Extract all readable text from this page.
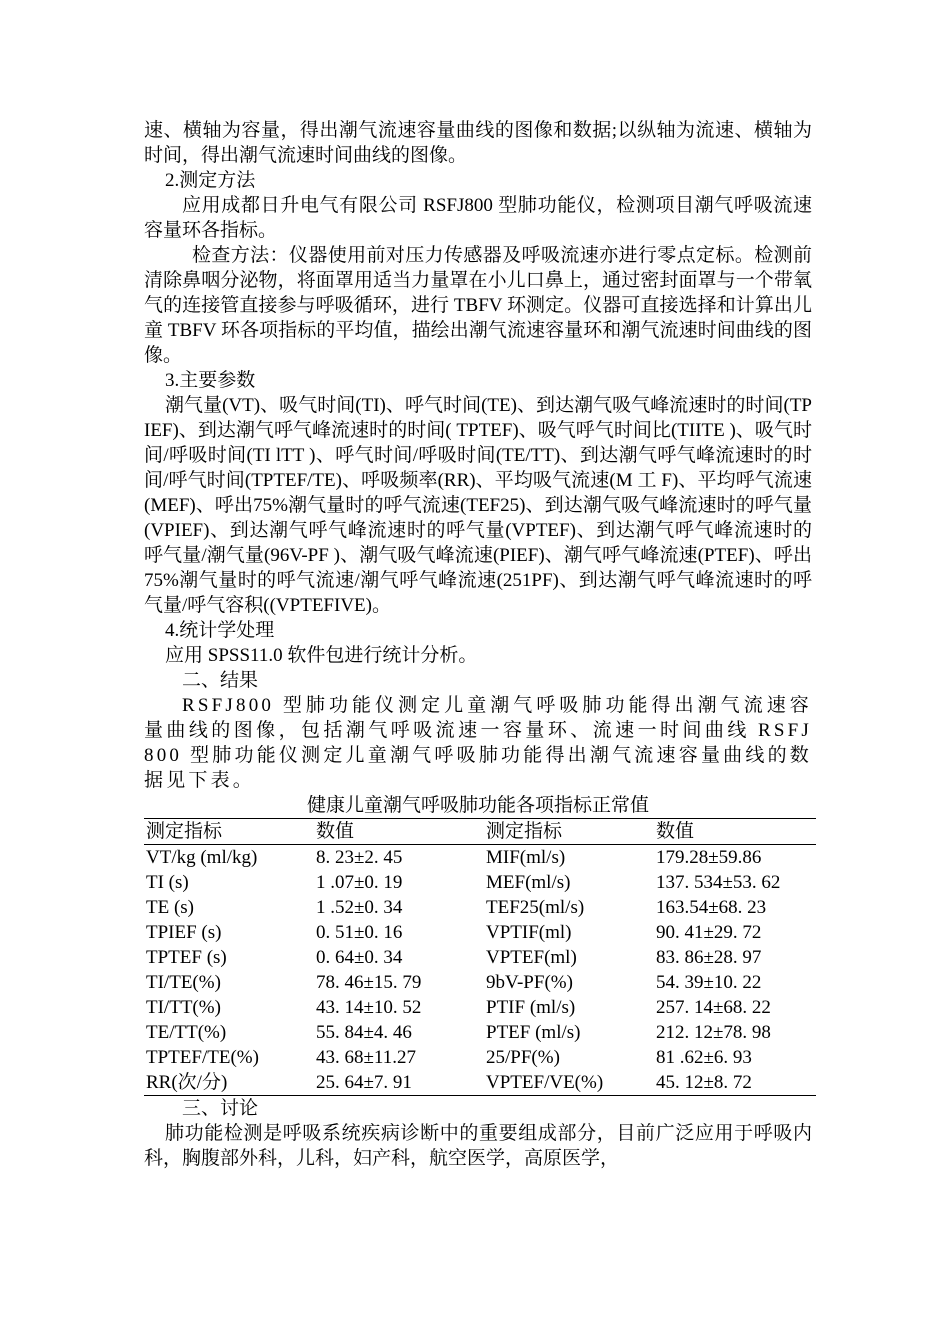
速、横轴为容量，得出潮气流速容量曲线的图像和数据;以纵轴为流速、横轴为时间，得出潮气流速时间曲线的图像。

2.测定方法

应用成都日升电气有限公司 RSFJ800 型肺功能仪，检测项目潮气呼吸流速容量环各指标。

检查方法：仪器使用前对压力传感器及呼吸流速亦进行零点定标。检测前清除鼻咽分泌物，将面罩用适当力量罩在小儿口鼻上，通过密封面罩与一个带氧气的连接管直接参与呼吸循环，进行 TBFV 环测定。仪器可直接选择和计算出儿童 TBFV 环各项指标的平均值，描绘出潮气流速容量环和潮气流速时间曲线的图像。

3.主要参数

潮气量(VT)、吸气时间(TI)、呼气时间(TE)、到达潮气吸气峰流速时的时间(TPIEF)、到达潮气呼气峰流速时的时间( TPTEF)、吸气呼气时间比(TIITE )、吸气时间/呼吸时间(TI lTT )、呼气时间/呼吸时间(TE/TT)、到达潮气呼气峰流速时的时间/呼气时间(TPTEF/TE)、呼吸频率(RR)、平均吸气流速(M 工 F)、平均呼气流速(MEF)、呼出75%潮气量时的呼气流速(TEF25)、到达潮气吸气峰流速时的呼气量(VPIEF)、到达潮气呼气峰流速时的呼气量(VPTEF)、到达潮气呼气峰流速时的呼气量/潮气量(96V-PF )、潮气吸气峰流速(PIEF)、潮气呼气峰流速(PTEF)、呼出 75%潮气量时的呼气流速/潮气呼气峰流速(251PF)、到达潮气呼气峰流速时的呼气量/呼气容积((VPTEFIVE)。

4.统计学处理

应用 SPSS11.0 软件包进行统计分析。

二、结果

RSFJ800 型肺功能仪测定儿童潮气呼吸肺功能得出潮气流速容量曲线的图像，包括潮气呼吸流速一容量环、流速一时间曲线 RSFJ800 型肺功能仪测定儿童潮气呼吸肺功能得出潮气流速容量曲线的数据见下表。

健康儿童潮气呼吸肺功能各项指标正常值

测定指标	数值	测定指标	数值
VT/kg (ml/kg)	8. 23±2. 45	MIF(ml/s)	179.28±59.86
TI (s)	1 .07±0. 19	MEF(ml/s)	137. 534±53. 62
TE (s)	1 .52±0. 34	TEF25(ml/s)	163.54±68. 23
TPIEF (s)	0. 51±0. 16	VPTIF(ml)	90. 41±29. 72
TPTEF (s)	0. 64±0. 34	VPTEF(ml)	83. 86±28. 97
TI/TE(%)	78. 46±15. 79	9bV-PF(%)	54. 39±10. 22
TI/TT(%)	43. 14±10. 52	PTIF (ml/s)	257. 14±68. 22
TE/TT(%)	55. 84±4. 46	PTEF (ml/s)	212. 12±78. 98
TPTEF/TE(%)	43. 68±11.27	25/PF(%)	81 .62±6. 93
RR(次/分)	25. 64±7. 91	VPTEF/VE(%)	45. 12±8. 72

三、讨论

肺功能检测是呼吸系统疾病诊断中的重要组成部分，目前广泛应用于呼吸内科，胸腹部外科，儿科，妇产科，航空医学，高原医学，
